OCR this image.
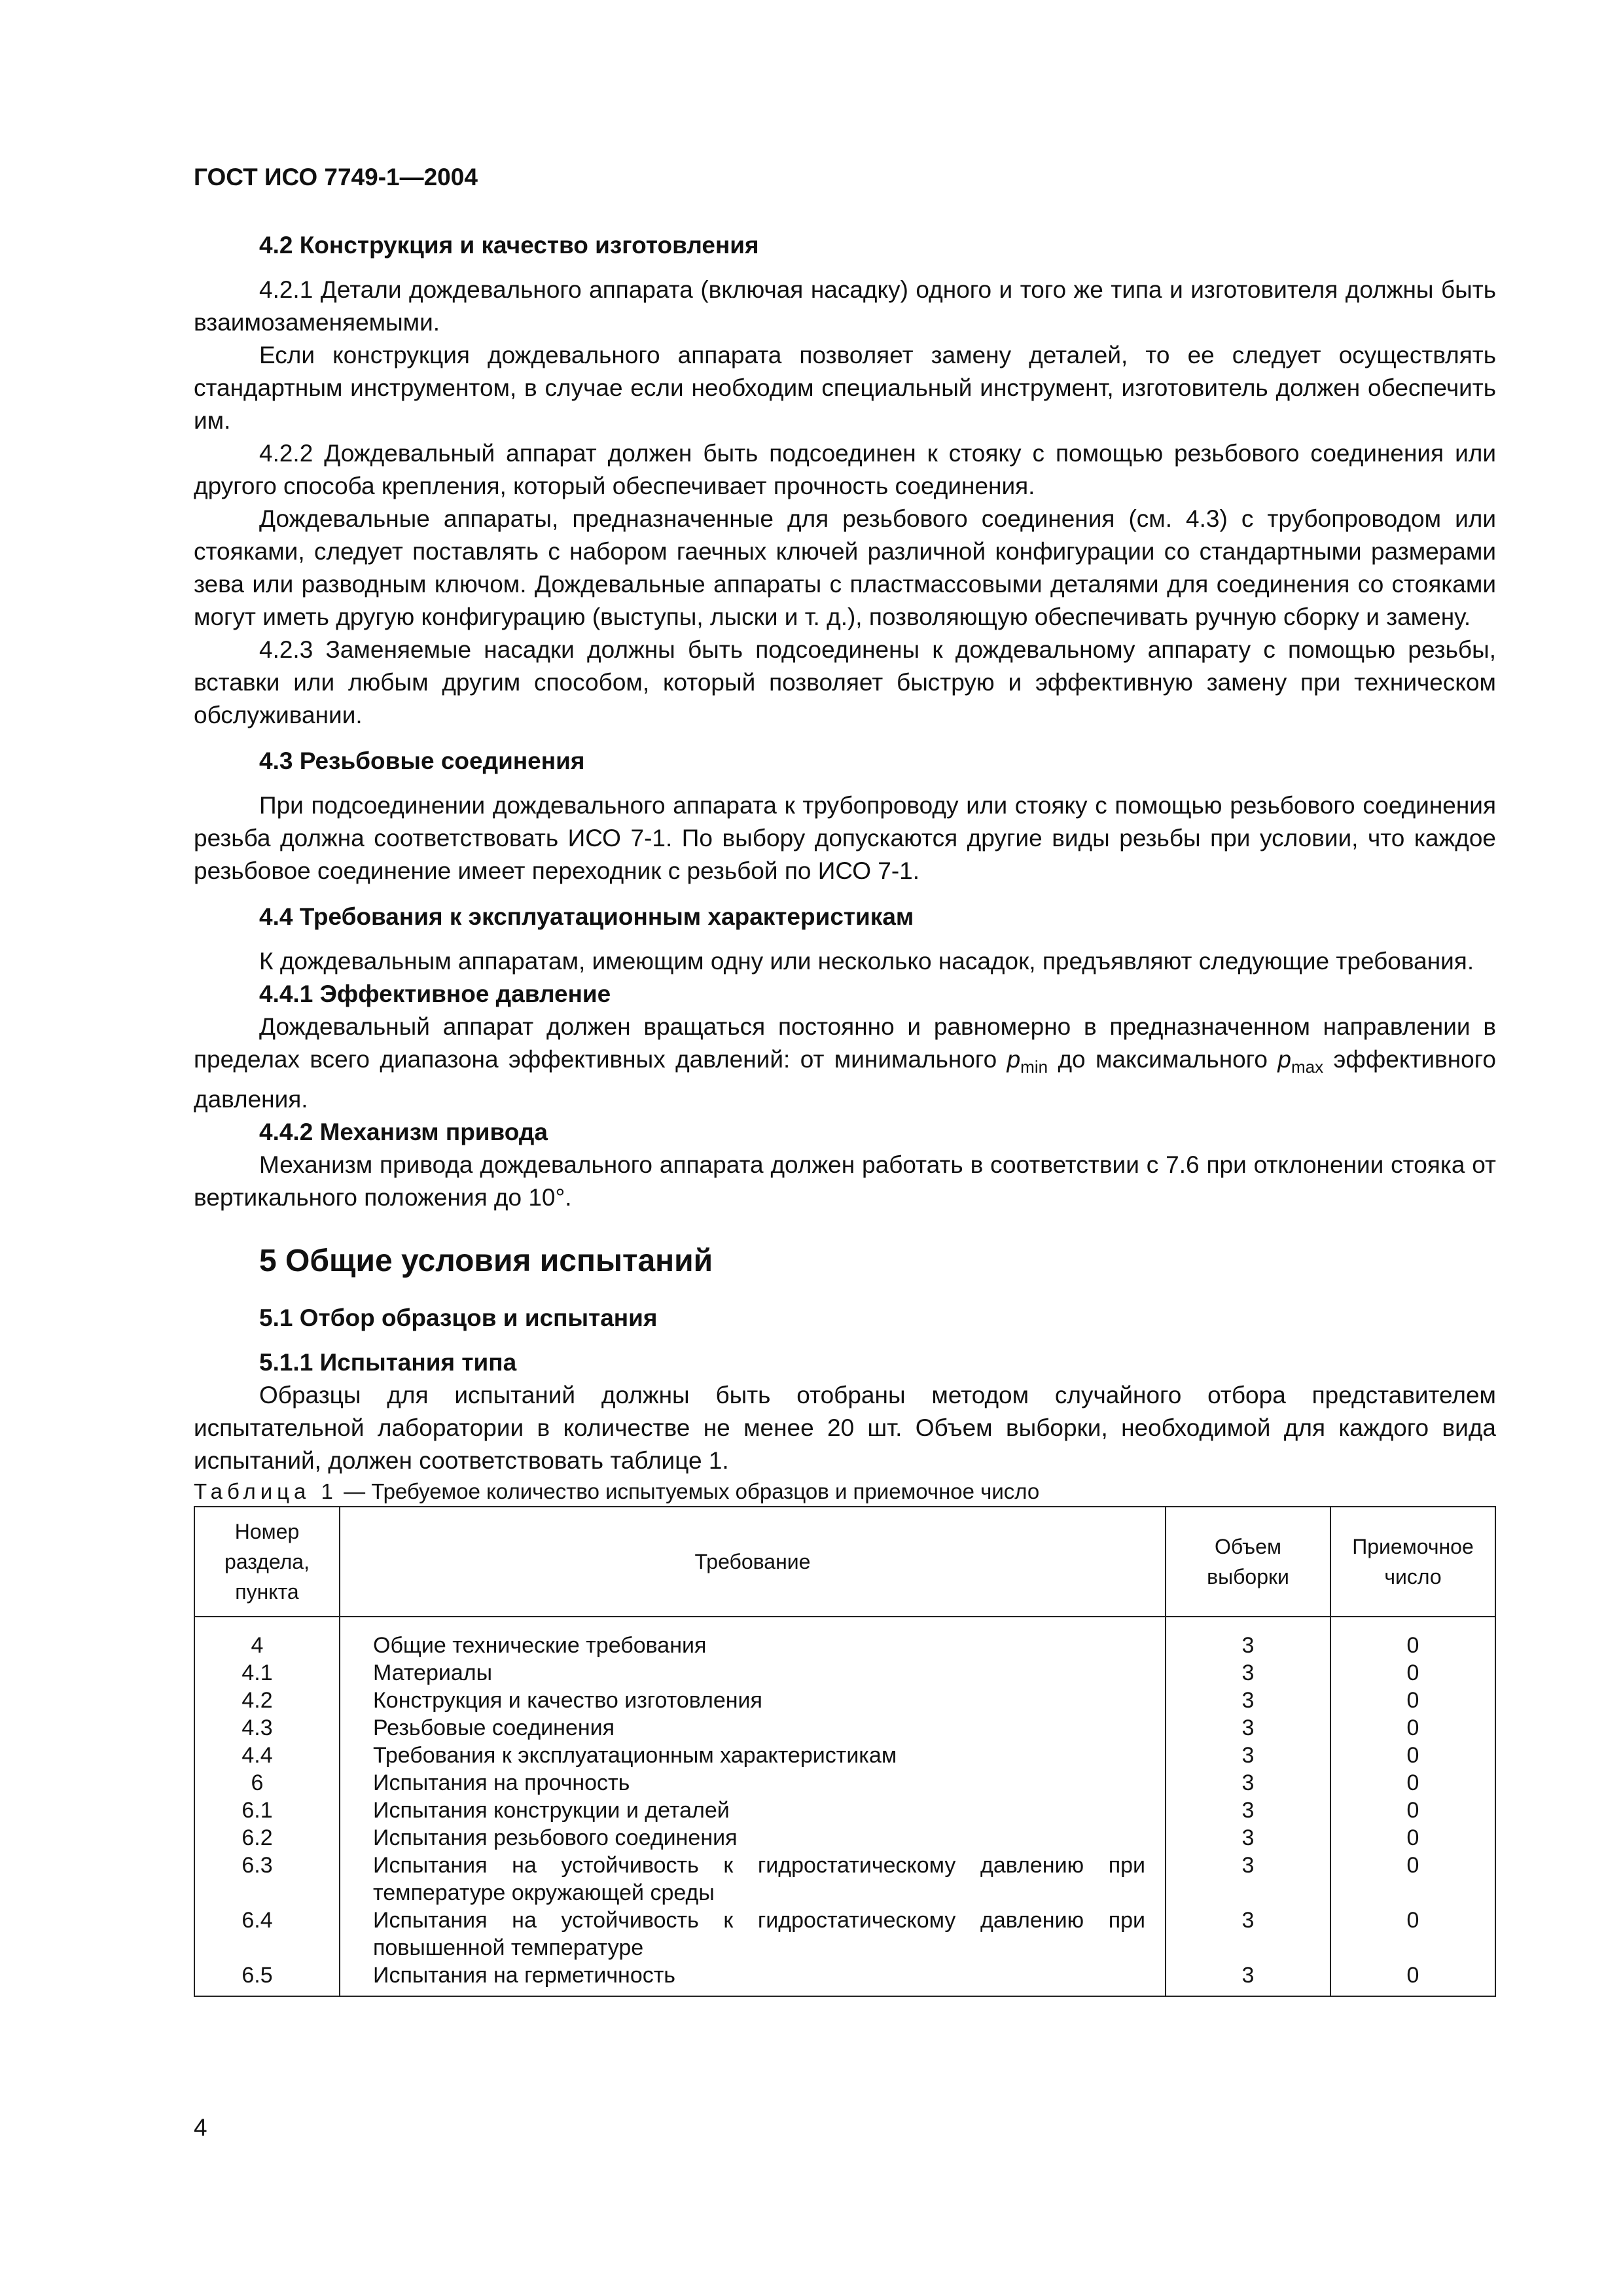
ГОСТ ИСО 7749-1—2004

4.2 Конструкция и качество изготовления

4.2.1 Детали дождевального аппарата (включая насадку) одного и того же типа и изготовителя должны быть взаимозаменяемыми.

Если конструкция дождевального аппарата позволяет замену деталей, то ее следует осуществлять стандартным инструментом, в случае если необходим специальный инструмент, изготовитель должен обеспечить им.

4.2.2 Дождевальный аппарат должен быть подсоединен к стояку с помощью резьбового соединения или другого способа крепления, который обеспечивает прочность соединения.

Дождевальные аппараты, предназначенные для резьбового соединения (см. 4.3) с трубопроводом или стояками, следует поставлять с набором гаечных ключей различной конфигурации со стандартными размерами зева или разводным ключом. Дождевальные аппараты с пластмассовыми деталями для соединения со стояками могут иметь другую конфигурацию (выступы, лыски и т. д.), позволяющую обеспечивать ручную сборку и замену.

4.2.3 Заменяемые насадки должны быть подсоединены к дождевальному аппарату с помощью резьбы, вставки или любым другим способом, который позволяет быструю и эффективную замену при техническом обслуживании.

4.3 Резьбовые соединения

При подсоединении дождевального аппарата к трубопроводу или стояку с помощью резьбового соединения резьба должна соответствовать ИСО 7-1. По выбору допускаются другие виды резьбы при условии, что каждое резьбовое соединение имеет переходник с резьбой по ИСО 7-1.

4.4 Требования к эксплуатационным характеристикам

К дождевальным аппаратам, имеющим одну или несколько насадок, предъявляют следующие требования.

4.4.1 Эффективное давление

Дождевальный аппарат должен вращаться постоянно и равномерно в предназначенном направлении в пределах всего диапазона эффективных давлений: от минимального $p_{min}$ до максимального $p_{max}$ эффективного давления.

4.4.2 Механизм привода

Механизм привода дождевального аппарата должен работать в соответствии с 7.6 при отклонении стояка от вертикального положения до 10°.

5 Общие условия испытаний
5.1 Отбор образцов и испытания
5.1.1 Испытания типа

Образцы для испытаний должны быть отобраны методом случайного отбора представителем испытательной лаборатории в количестве не менее 20 шт. Объем выборки, необходимой для каждого вида испытаний, должен соответствовать таблице 1.

Таблица 1 — Требуемое количество испытуемых образцов и приемочное число

Номер раздела, пункта	Требование	Объем выборки	Приемочное число
4	Общие технические требования	3	0
4.1	Материалы	3	0
4.2	Конструкция и качество изготовления	3	0
4.3	Резьбовые соединения	3	0
4.4	Требования к эксплуатационным характеристикам	3	0
6	Испытания на прочность	3	0
6.1	Испытания конструкции и деталей	3	0
6.2	Испытания резьбового соединения	3	0
6.3	Испытания на устойчивость к гидростатическому давлению при температуре окружающей среды	3	0
6.4	Испытания на устойчивость к гидростатическому давлению при повышенной температуре	3	0
6.5	Испытания на герметичность	3	0

4
